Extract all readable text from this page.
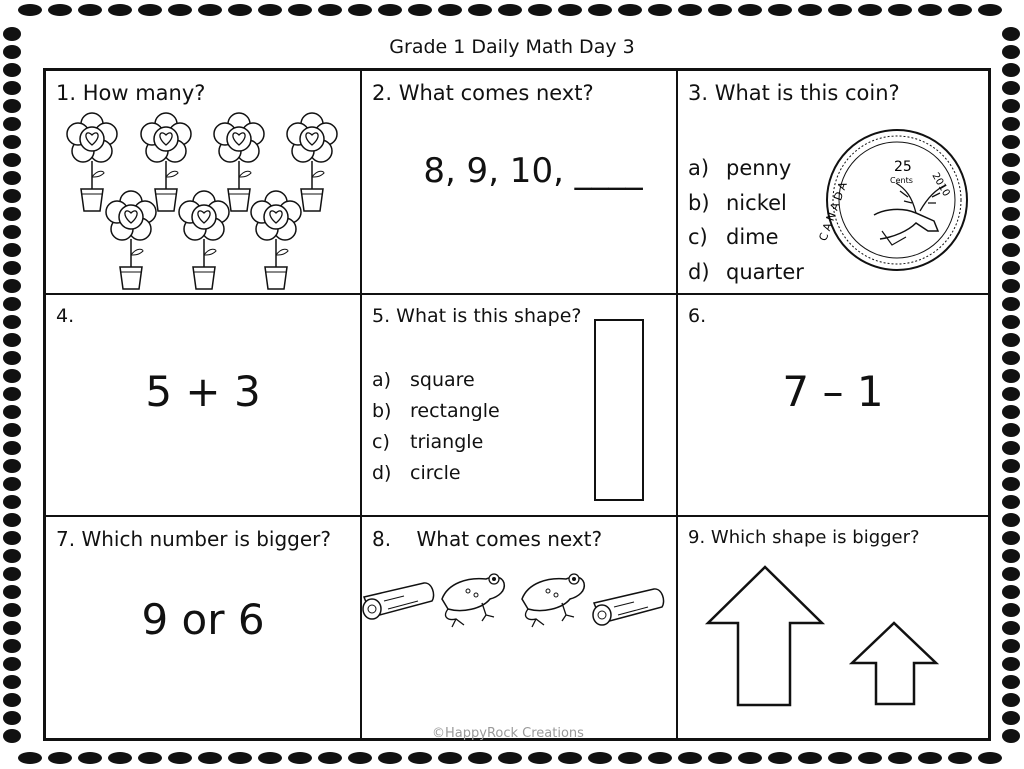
Grade 1 Daily Math Day 3
1. How many?	2. What comes next?
8, 9, 10, ____
3. What is this coin?
a) penny
b) nickel
c) dime
d) quarter
25
Cents 2010
CANADA
4.
5 + 3
5. What is this shape?
a) square
b) rectangle
c)	triangle
d) circle
6.
7 – 1
7. Which number is bigger?
9 or 6
8.    What comes next?	9. Which shape is bigger?
©HappyRock Creations
